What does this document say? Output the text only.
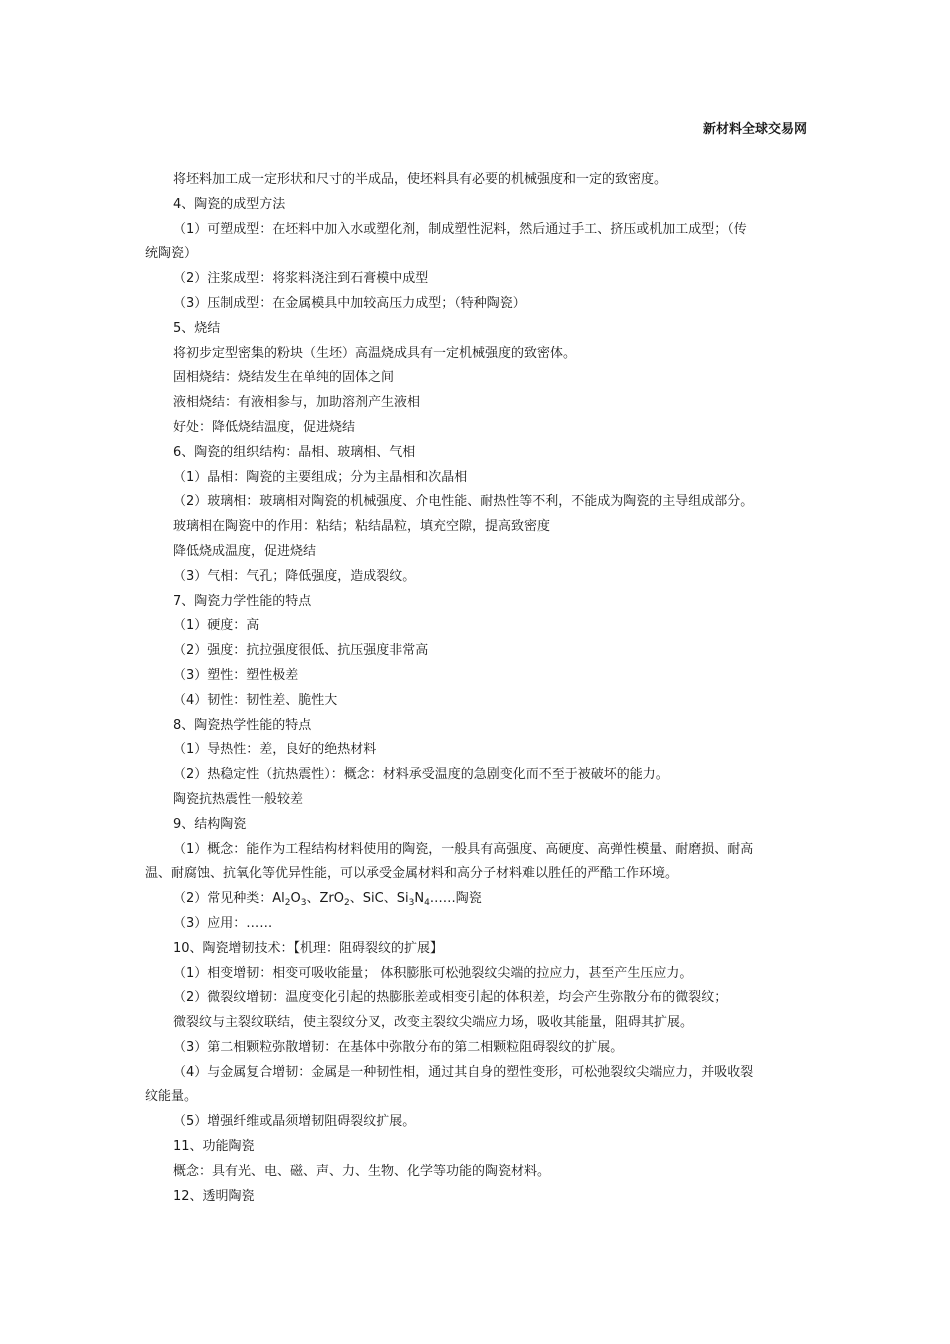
新材料全球交易网
将坯料加工成一定形状和尺寸的半成品，使坯料具有必要的机械强度和一定的致密度。
4、陶瓷的成型方法
（1）可塑成型：在坯料中加入水或塑化剂，制成塑性泥料，然后通过手工、挤压或机加工成型；（传
统陶瓷）
（2）注浆成型：将浆料浇注到石膏模中成型
（3）压制成型：在金属模具中加较高压力成型；（特种陶瓷）
5、烧结
将初步定型密集的粉块（生坯）高温烧成具有一定机械强度的致密体。
固相烧结：烧结发生在单纯的固体之间
液相烧结：有液相参与，加助溶剂产生液相
好处：降低烧结温度，促进烧结
6、陶瓷的组织结构：晶相、玻璃相、气相
（1）晶相：陶瓷的主要组成；分为主晶相和次晶相
（2）玻璃相：玻璃相对陶瓷的机械强度、介电性能、耐热性等不利，不能成为陶瓷的主导组成部分。
玻璃相在陶瓷中的作用：粘结；粘结晶粒，填充空隙，提高致密度
降低烧成温度，促进烧结
（3）气相：气孔；降低强度，造成裂纹。
7、陶瓷力学性能的特点
（1）硬度：高
（2）强度：抗拉强度很低、抗压强度非常高
（3）塑性：塑性极差
（4）韧性：韧性差、脆性大
8、陶瓷热学性能的特点
（1）导热性：差，良好的绝热材料
（2）热稳定性（抗热震性）：概念：材料承受温度的急剧变化而不至于被破坏的能力。
陶瓷抗热震性一般较差
9、结构陶瓷
（1）概念：能作为工程结构材料使用的陶瓷，一般具有高强度、高硬度、高弹性模量、耐磨损、耐高
温、耐腐蚀、抗氧化等优异性能，可以承受金属材料和高分子材料难以胜任的严酷工作环境。
（2）常见种类：$Al_2O_3$、ZrO$_2$、SiC、$Si_3N_4\dots\dots$陶瓷
（3）应用：……
10、陶瓷增韧技术：【机理：阻碍裂纹的扩展】
（1）相变增韧：相变可吸收能量； 体积膨胀可松弛裂纹尖端的拉应力，甚至产生压应力。
（2）微裂纹增韧：温度变化引起的热膨胀差或相变引起的体积差，均会产生弥散分布的微裂纹；
微裂纹与主裂纹联结，使主裂纹分叉，改变主裂纹尖端应力场，吸收其能量，阻碍其扩展。
（3）第二相颗粒弥散增韧：在基体中弥散分布的第二相颗粒阻碍裂纹的扩展。
（4）与金属复合增韧：金属是一种韧性相，通过其自身的塑性变形，可松弛裂纹尖端应力，并吸收裂
纹能量。
（5）增强纤维或晶须增韧阻碍裂纹扩展。
11、功能陶瓷
概念：具有光、电、磁、声、力、生物、化学等功能的陶瓷材料。
12、透明陶瓷
